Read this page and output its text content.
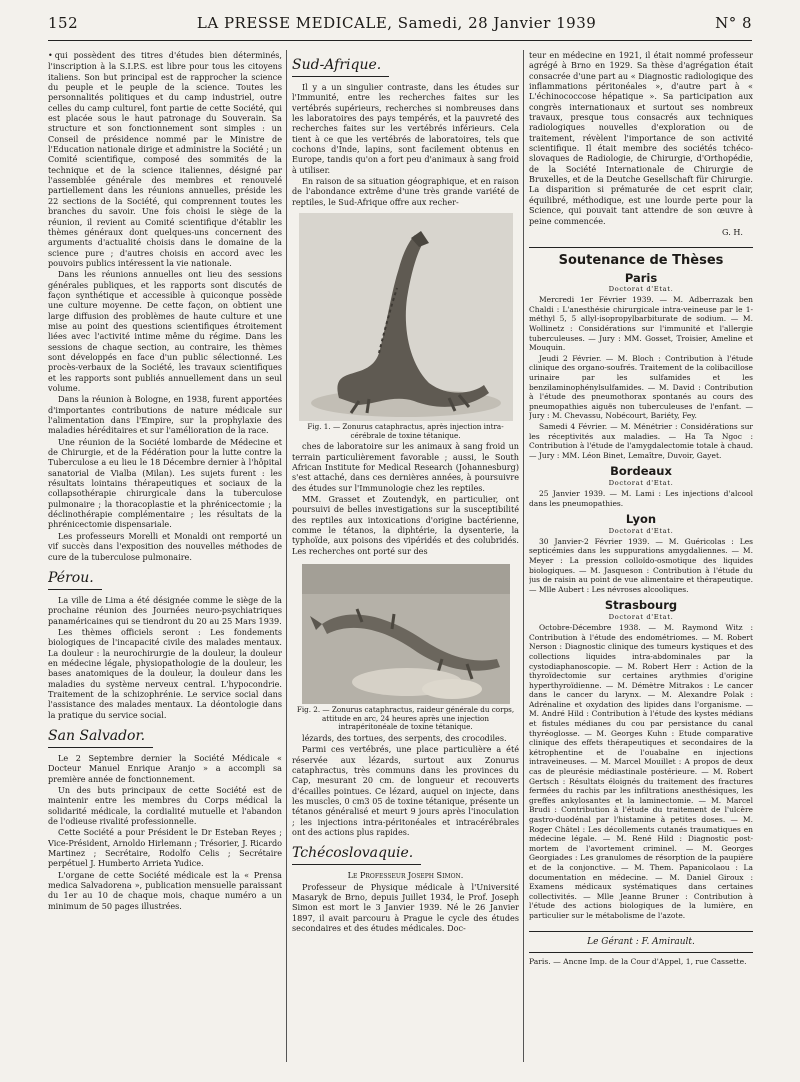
152	LA PRESSE MEDICALE, Samedi, 28 Janvier 1939	N° 8

• qui possèdent des titres d'études bien déterminés, l'inscription à la S.I.P.S. est libre pour tous les citoyens italiens. Son but principal est de rapprocher la science du peuple et le peuple de la science. Toutes les personnalités politiques et du camp industriel, outre celles du camp culturel, font partie de cette Société, qui est placée sous le haut patronage du Souverain. Sa structure et son fonctionnement sont simples : un Conseil de présidence nommé par le Ministre de l'Education nationale dirige et administre la Société ; un Comité scientifique, composé des sommités de la technique et de la science italiennes, désigné par l'assemblée générale des membres et renouvelé partiellement dans les réunions annuelles, préside les 22 sections de la Société, qui comprennent toutes les branches du savoir. Une fois choisi le siège de la réunion, il revient au Comité scientifique d'établir les thèmes généraux dont quelques-uns concernent des arguments d'actualité choisis dans le domaine de la science pure ; d'autres choisis en accord avec les pouvoirs publics intéressent la vie nationale.

Dans les réunions annuelles ont lieu des sessions générales publiques, et les rapports sont discutés de façon synthétique et accessible à quiconque possède une culture moyenne. De cette façon, on obtient une large diffusion des problèmes de haute culture et une mise au point des questions scientifiques étroitement liées avec l'activité intime même du régime. Dans les sessions de chaque section, au contraire, les thèmes sont développés en face d'un public sélectionné. Les procès-verbaux de la Société, les travaux scientifiques et les rapports sont publiés annuellement dans un seul volume.

Dans la réunion à Bologne, en 1938, furent apportées d'importantes contributions de nature médicale sur l'alimentation dans l'Empire, sur la prophylaxie des maladies héréditaires et sur l'amélioration de la race.

Une réunion de la Société lombarde de Médecine et de Chirurgie, et de la Fédération pour la lutte contre la Tuberculose a eu lieu le 18 Décembre dernier à l'hôpital sanatorial de Vialba (Milan). Les sujets furent : les résultats lointains thérapeutiques et sociaux de la collapsothérapie chirurgicale dans la tuberculose pulmonaire ; la thoracoplastie et la phrénicectomie ; la déclinothérapie complémentaire ; les résultats de la phrénicectomie dispensariale.

Les professeurs Morelli et Monaldi ont remporté un vif succès dans l'exposition des nouvelles méthodes de cure de la tuberculose pulmonaire.

Pérou.

La ville de Lima a été désignée comme le siège de la prochaine réunion des Journées neuro-psychiatriques panaméricaines qui se tiendront du 20 au 25 Mars 1939.

Les thèmes officiels seront : Les fondements biologiques de l'incapacité civile des malades mentaux. La douleur : la neurochirurgie de la douleur, la douleur en médecine légale, physiopathologie de la douleur, les bases anatomiques de la douleur, la douleur dans les maladies du système nerveux central. L'hypocondrie. Traitement de la schizophrénie. Le service social dans l'assistance des malades mentaux. La déontologie dans la pratique du service social.

San Salvador.

Le 2 Septembre dernier la Société Médicale « Docteur Manuel Enrique Aranjo » a accompli sa première année de fonctionnement.

Un des buts principaux de cette Société est de maintenir entre les membres du Corps médical la solidarité médicale, la cordialité mutuelle et l'abandon de l'odieuse rivalité professionnelle.

Cette Société a pour Président le Dr Esteban Reyes ; Vice-Président, Arnoldo Hirlemann ; Trésorier, J. Ricardo Martinez ; Secrétaire, Rodolfo Celis ; Secrétaire perpétuel J. Humberto Arrieta Yudice.

L'organe de cette Société médicale est la « Prensa medica Salvadorena », publication mensuelle paraissant du 1er au 10 de chaque mois, chaque numéro a un minimum de 50 pages illustrées.

Sud-Afrique.

Il y a un singulier contraste, dans les études sur l'Immunité, entre les recherches faites sur les vertébrés supérieurs, recherches si nombreuses dans les laboratoires des pays tempérés, et la pauvreté des recherches faites sur les vertébrés inférieurs. Cela tient à ce que les vertébrés de laboratoires, tels que cochons d'Inde, lapins, sont facilement obtenus en Europe, tandis qu'on a fort peu d'animaux à sang froid à utiliser.

En raison de sa situation géographique, et en raison de l'abondance extrême d'une très grande variété de reptiles, le Sud-Afrique offre aux recher-

Fig. 1. — Zonurus cataphractus, après injection intra-cérébrale de toxine tétanique.

ches de laboratoire sur les animaux à sang froid un terrain particulièrement favorable ; aussi, le South African Institute for Medical Research (Johannesburg) s'est attaché, dans ces dernières années, à poursuivre des études sur l'Immunologie chez les reptiles.

MM. Grasset et Zoutendyk, en particulier, ont poursuivi de belles investigations sur la susceptibilité des reptiles aux intoxications d'origine bactérienne, comme le tétanos, la diphtérie, la dysenterie, la typhoïde, aux poisons des vipéridés et des colubridés. Les recherches ont porté sur des

Fig. 2. — Zonurus cataphractus, raideur générale du corps, attitude en arc, 24 heures après une injection intrapéritonéale de toxine tétanique.

lézards, des tortues, des serpents, des crocodiles.

Parmi ces vertébrés, une place particulière a été réservée aux lézards, surtout aux Zonurus cataphractus, très communs dans les provinces du Cap, mesurant 20 cm. de longueur et recouverts d'écailles pointues. Ce lézard, auquel on injecte, dans les muscles, 0 cm3 05 de toxine tétanique, présente un tétanos généralisé et meurt 9 jours après l'inoculation ; les injections intra-péritonéales et intracérébrales ont des actions plus rapides.

Tchécoslovaquie.

Le Professeur Joseph Simon.

Professeur de Physique médicale à l'Université Masaryk de Brno, depuis Juillet 1934, le Prof. Joseph Simon est mort le 3 Janvier 1939. Né le 26 Janvier 1897, il avait parcouru à Prague le cycle des études secondaires et des études médicales. Doc-

teur en médecine en 1921, il était nommé professeur agrégé à Brno en 1929. Sa thèse d'agrégation était consacrée d'une part au « Diagnostic radiologique des inflammations péritonéales », d'autre part à « L'échinococcose hépatique ». Sa participation aux congrès internationaux et surtout ses nombreux travaux, presque tous consacrés aux techniques radiologiques nouvelles d'exploration ou de traitement, révèlent l'importance de son activité scientifique. Il était membre des sociétés tchéco-slovaques de Radiologie, de Chirurgie, d'Orthopédie, de la Société Internationale de Chirurgie de Bruxelles, et de la Deutche Gesellschaft für Chirurgie. La disparition si prématurée de cet esprit clair, équilibré, méthodique, est une lourde perte pour la Science, qui pouvait tant attendre de son œuvre à peine commencée.

G. H.

Soutenance de Thèses
Paris

Doctorat d'Etat.

Mercredi 1er Février 1939. — M. Adberrazak ben Chaldi : L'anesthésie chirurgicale intra-veineuse par le 1-méthyl 5, 5 allyl-isopropylbarbiturate de sodium. — M. Wollinetz : Considérations sur l'immunité et l'allergie tuberculeuses. — Jury : MM. Gosset, Troisier, Ameline et Mouquin.

Jeudi 2 Février. — M. Bloch : Contribution à l'étude clinique des organo-soufrés. Traitement de la colibacillose urinaire par les sulfamides et les benzilaminophénylsulfamides. — M. David : Contribution à l'étude des pneumothorax spontanés au cours des pneumopathies aiguës non tuberculeuses de l'enfant. — Jury : M. Chevassu, Nobécourt, Bariéty, Fey.

Samedi 4 Février. — M. Ménétrier : Considérations sur les réceptivités aux maladies. — Ha Ta Ngoc : Contribution à l'étude de l'amygdalectomie totale à chaud. — Jury : MM. Léon Binet, Lemaître, Duvoir, Gayet.

Bordeaux

Doctorat d'Etat.

25 Janvier 1939. — M. Lami : Les injections d'alcool dans les pneumopathies.

Lyon

Doctorat d'Etat.

30 Janvier-2 Février 1939. — M. Guéricolas : Les septicémies dans les suppurations amygdaliennes. — M. Meyer : La pression colloïdo-osmotique des liquides biologiques. — M. Jasqueson : Contribution à l'étude du jus de raisin au point de vue alimentaire et thérapeutique. — Mlle Aubert : Les névroses alcooliques.

Strasbourg

Doctorat d'Etat.

Octobre-Décembre 1938. — M. Raymond Witz : Contribution à l'étude des endométriomes. — M. Robert Nerson : Diagnostic clinique des tumeurs kystiques et des collections liquides intra-abdominales par la cystodiaphanoscopie. — M. Robert Herr : Action de la thyroïdectomie sur certaines arythmies d'origine hyperthyroïdienne. — M. Démètre Mitrakos : Le cancer dans le cancer du larynx. — M. Alexandre Polak : Adrénaline et oxydation des lipides dans l'organisme. — M. André Hild : Contribution à l'étude des kystes médians et fistules médianes du cou par persistance du canal thyréoglosse. — M. Georges Kuhn : Etude comparative clinique des effets thérapeutiques et secondaires de la kétrophentine et de l'ouabaïne en injections intraveineuses. — M. Marcel Mouillet : A propos de deux cas de pleurésie médiastinale postérieure. — M. Robert Gertsch : Résultats éloignés du traitement des fractures fermées du rachis par les infiltrations anesthésiques, les greffes ankylosantes et la laminectomie. — M. Marcel Brudi : Contribution à l'étude du traitement de l'ulcère gastro-duodénal par l'histamine à petites doses. — M. Roger Châtel : Les décollements cutanés traumatiques en médecine légale. — M. René Hild : Diagnostic post-mortem de l'avortement criminel. — M. Georges Georgiades : Les granulomes de résorption de la paupière et de la conjonctive. — M. Them. Papanicolaou : La documentation en médecine. — M. Daniel Giroux : Examens médicaux systématiques dans certaines collectivités. — Mlle Jeanne Bruner : Contribution à l'étude des actions biologiques de la lumière, en particulier sur le métabolisme de l'azote.

Le Gérant : F. Amirault.

Paris. — Ancne Imp. de la Cour d'Appel, 1, rue Cassette.
